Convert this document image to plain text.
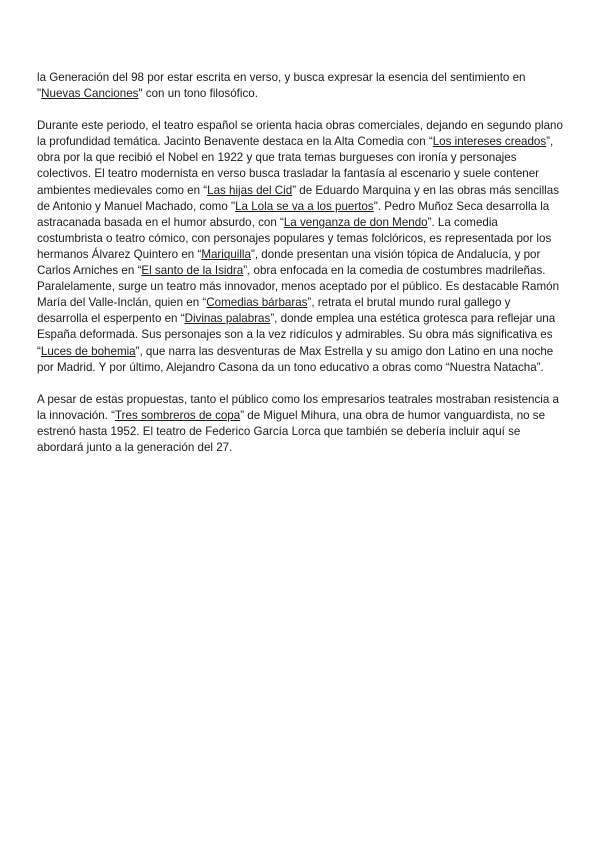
la Generación del 98 por estar escrita en verso, y busca expresar la esencia del sentimiento en "Nuevas Canciones" con un tono filosófico.

Durante este periodo, el teatro español se orienta hacia obras comerciales, dejando en segundo plano la profundidad temática. Jacinto Benavente destaca en la Alta Comedia con “Los intereses creados”, obra por la que recibió el Nobel en 1922 y que trata temas burgueses con ironía y personajes colectivos. El teatro modernista en verso busca trasladar la fantasía al escenario y suele contener ambientes medievales como en “Las hijas del Cid” de Eduardo Marquina y en las obras más sencillas de Antonio y Manuel Machado, como "La Lola se va a los puertos". Pedro Muñoz Seca desarrolla la astracanada basada en el humor absurdo, con “La venganza de don Mendo”. La comedia costumbrista o teatro cómico, con personajes populares y temas folclóricos, es representada por los hermanos Álvarez Quintero en “Mariquilla”, donde presentan una visión tópica de Andalucía, y por Carlos Arniches en “El santo de la Isidra”, obra enfocada en la comedia de costumbres madrileñas. Paralelamente, surge un teatro más innovador, menos aceptado por el público. Es destacable Ramón María del Valle-Inclán, quien en “Comedias bárbaras”, retrata el brutal mundo rural gallego y desarrolla el esperpento en “Divinas palabras”, donde emplea una estética grotesca para reflejar una España deformada. Sus personajes son a la vez ridículos y admirables. Su obra más significativa es “Luces de bohemia”, que narra las desventuras de Max Estrella y su amigo don Latino en una noche por Madrid. Y por último, Alejandro Casona da un tono educativo a obras como “Nuestra Natacha”.

A pesar de estas propuestas, tanto el público como los empresarios teatrales mostraban resistencia a la innovación. “Tres sombreros de copa” de Miguel Mihura, una obra de humor vanguardista, no se estrenó hasta 1952. El teatro de Federico García Lorca que también se debería incluir aquí se abordará junto a la generación del 27.
